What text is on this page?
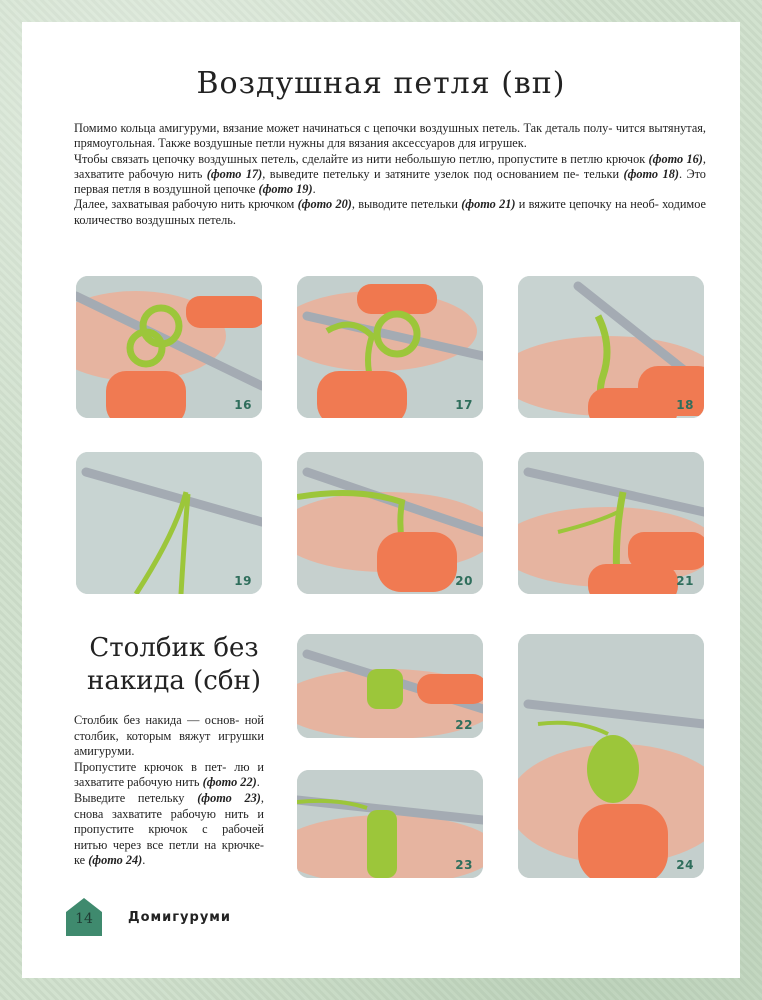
Воздушная петля (вп)

Помимо кольца амигуруми, вязание может начинаться с цепочки воздушных петель. Так деталь полу- чится вытянутая, прямоугольная. Также воздушные петли нужны для вязания аксессуаров для игрушек.
Чтобы связать цепочку воздушных петель, сделайте из нити небольшую петлю, пропустите в петлю крючок (фото 16), захватите рабочую нить (фото 17), выведите петельку и затяните узелок под основанием пе- тельки (фото 18). Это первая петля в воздушной цепочке (фото 19).
Далее, захватывая рабочую нить крючком (фото 20), выводите петельки (фото 21) и вяжите цепочку на необ- ходимое количество воздушных петель.

16	17	18
19	20	21
22
24
23
Столбик без
накида (сбн)

Столбик без накида — основ- ной столбик, которым вяжут игрушки амигуруми.
Пропустите крючок в пет- лю и захватите рабочую нить (фото 22).
Выведите петельку (фото 23), снова захватите рабочую нить и пропустите крючок с рабочей нитью через все петли на крючке- ке (фото 24).

14	Домигуруми
